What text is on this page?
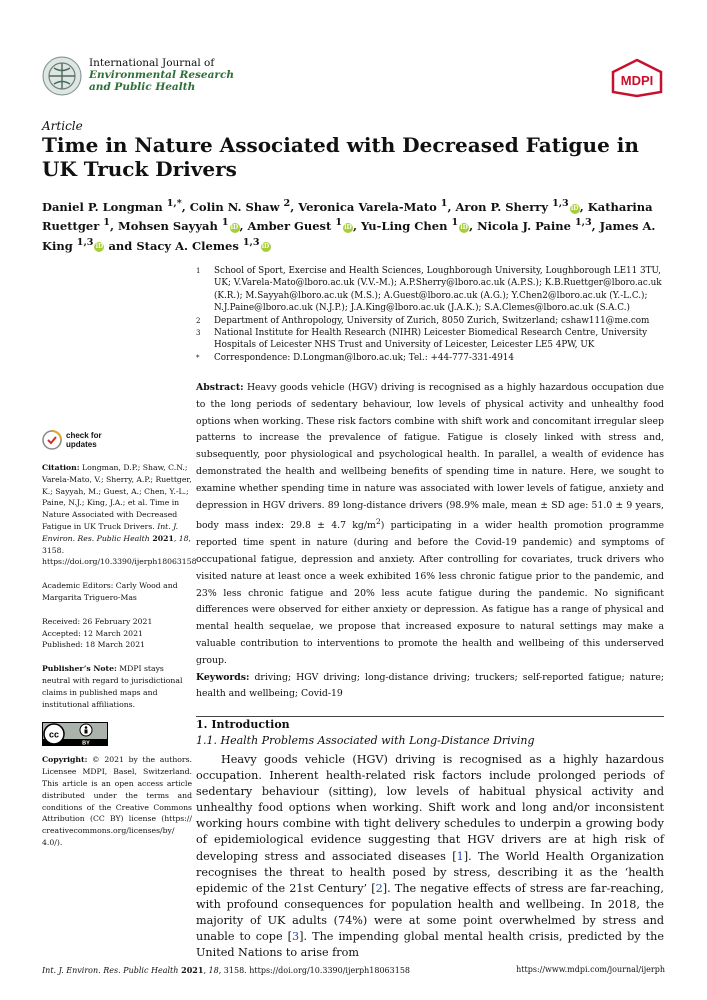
International Journal of
Environmental Research
and Public Health	MDPI
Article
Time in Nature Associated with Decreased Fatigue in UK Truck Drivers
Daniel P. Longman $^{1,*}$, Colin N. Shaw $^2$, Veronica Varela-Mato $^1$, Aron P. Sherry $^{1,3}$ iD, Katharina Ruettger $^1$, Mohsen Sayyah $^1$ iD, Amber Guest $^1$ iD, Yu-Ling Chen $^1$ iD, Nicola J. Paine $^{1,3}$, James A. King $^{1,3}$ iD and Stacy A. Clemes $^{1,3}$ iD
1 School of Sport, Exercise and Health Sciences, Loughborough University, Loughborough LE11 3TU, UK; V.Varela-Mato@lboro.ac.uk (V.V.-M.); A.P.Sherry@lboro.ac.uk (A.P.S.); K.B.Ruettger@lboro.ac.uk (K.R.); M.Sayyah@lboro.ac.uk (M.S.); A.Guest@lboro.ac.uk (A.G.); Y.Chen2@lboro.ac.uk (Y.-L.C.); N.J.Paine@lboro.ac.uk (N.J.P.); J.A.King@lboro.ac.uk (J.A.K.); S.A.Clemes@lboro.ac.uk (S.A.C.)
2 Department of Anthropology, University of Zurich, 8050 Zurich, Switzerland; cshaw111@me.com
3 National Institute for Health Research (NIHR) Leicester Biomedical Research Centre, University Hospitals of Leicester NHS Trust and University of Leicester, Leicester LE5 4PW, UK
* Correspondence: D.Longman@lboro.ac.uk; Tel.: +44-777-331-4914
check for
updates
Citation: Longman, D.P.; Shaw, C.N.; Varela-Mato, V.; Sherry, A.P.; Ruettger, K.; Sayyah, M.; Guest, A.; Chen, Y.-L.; Paine, N.J.; King, J.A.; et al. Time in Nature Associated with Decreased Fatigue in UK Truck Drivers. Int. J. Environ. Res. Public Health 2021, 18, 3158. https://doi.org/10.3390/ijerph18063158
Academic Editors: Carly Wood and Margarita Triguero-Mas
Received: 26 February 2021
Accepted: 12 March 2021
Published: 18 March 2021
Publisher’s Note: MDPI stays neutral with regard to jurisdictional claims in published maps and institutional affiliations.
cc
BY
Copyright: © 2021 by the authors. Licensee MDPI, Basel, Switzerland. This article is an open access article distributed under the terms and conditions of the Creative Commons Attribution (CC BY) license (https:// creativecommons.org/licenses/by/ 4.0/).

Abstract: Heavy goods vehicle (HGV) driving is recognised as a highly hazardous occupation due to the long periods of sedentary behaviour, low levels of physical activity and unhealthy food options when working. These risk factors combine with shift work and concomitant irregular sleep patterns to increase the prevalence of fatigue. Fatigue is closely linked with stress and, subsequently, poor physiological and psychological health. In parallel, a wealth of evidence has demonstrated the health and wellbeing benefits of spending time in nature. Here, we sought to examine whether spending time in nature was associated with lower levels of fatigue, anxiety and depression in HGV drivers. 89 long-distance drivers (98.9% male, mean ± SD age: 51.0 ± 9 years, body mass index: 29.8 ± 4.7 $kg/m^2$) participating in a wider health promotion programme reported time spent in nature (during and before the Covid-19 pandemic) and symptoms of occupational fatigue, depression and anxiety. After controlling for covariates, truck drivers who visited nature at least once a week exhibited 16% less chronic fatigue prior to the pandemic, and 23% less chronic fatigue and 20% less acute fatigue during the pandemic. No significant differences were observed for either anxiety or depression. As fatigue has a range of physical and mental health sequelae, we propose that increased exposure to natural settings may make a valuable contribution to interventions to promote the health and wellbeing of this underserved group.

Keywords: driving; HGV driving; long-distance driving; truckers; self-reported fatigue; nature; health and wellbeing; Covid-19

1. Introduction
1.1. Health Problems Associated with Long-Distance Driving

Heavy goods vehicle (HGV) driving is recognised as a highly hazardous occupation. Inherent health-related risk factors include prolonged periods of sedentary behaviour (sitting), low levels of habitual physical activity and unhealthy food options when working. Shift work and long and/or inconsistent working hours combine with tight delivery schedules to underpin a growing body of epidemiological evidence suggesting that HGV drivers are at high risk of developing stress and associated diseases [1]. The World Health Organization recognises the threat to health posed by stress, describing it as the ‘health epidemic of the 21st Century’ [2]. The negative effects of stress are far-reaching, with profound consequences for population health and wellbeing. In 2018, the majority of UK adults (74%) were at some point overwhelmed by stress and unable to cope [3]. The impending global mental health crisis, predicted by the United Nations to arise from

Int. J. Environ. Res. Public Health 2021, 18, 3158. https://doi.org/10.3390/ijerph18063158	https://www.mdpi.com/journal/ijerph
